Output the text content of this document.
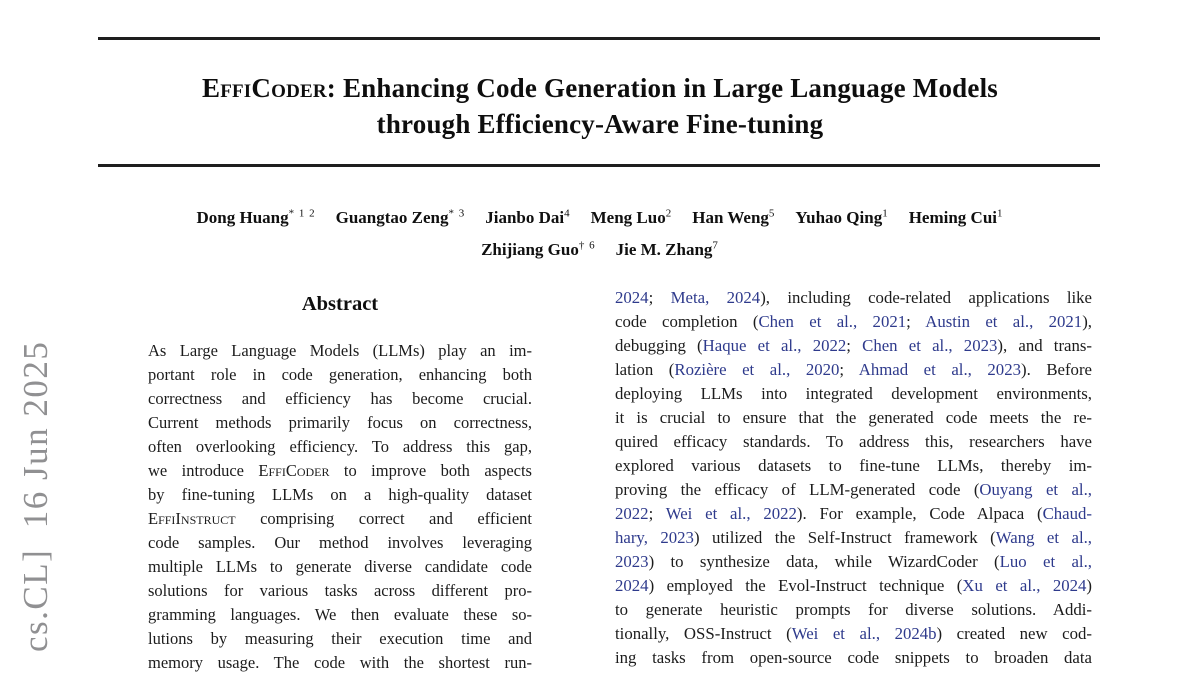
cs.CL]  16 Jun 2025
EffiCoder: Enhancing Code Generation in Large Language Models
through Efficiency-Aware Fine-tuning
Dong Huang$^{* 1 2}$ Guangtao Zeng$^{* 3}$ Jianbo Dai$^4$ Meng Luo$^2$ Han Weng$^5$ Yuhao Qing$^1$ Heming Cui$^1$
Zhijiang Guo$^{\dagger 6}$ Jie M. Zhang$^7$
Abstract
As Large Language Models (LLMs) play an im-
portant role in code generation, enhancing both
correctness and efficiency has become crucial.
Current methods primarily focus on correctness,
often overlooking efficiency. To address this gap,
we introduce EffiCoder to improve both aspects
by fine-tuning LLMs on a high-quality dataset
EffiInstruct comprising correct and efficient
code samples. Our method involves leveraging
multiple LLMs to generate diverse candidate code
solutions for various tasks across different pro-
gramming languages. We then evaluate these so-
lutions by measuring their execution time and
memory usage. The code with the shortest run-
2024; Meta, 2024), including code-related applications like
code completion (Chen et al., 2021; Austin et al., 2021),
debugging (Haque et al., 2022; Chen et al., 2023), and trans-
lation (Rozière et al., 2020; Ahmad et al., 2023). Before
deploying LLMs into integrated development environments,
it is crucial to ensure that the generated code meets the re-
quired efficacy standards. To address this, researchers have
explored various datasets to fine-tune LLMs, thereby im-
proving the efficacy of LLM-generated code (Ouyang et al.,
2022; Wei et al., 2022). For example, Code Alpaca (Chaud-
hary, 2023) utilized the Self-Instruct framework (Wang et al.,
2023) to synthesize data, while WizardCoder (Luo et al.,
2024) employed the Evol-Instruct technique (Xu et al., 2024)
to generate heuristic prompts for diverse solutions. Addi-
tionally, OSS-Instruct (Wei et al., 2024b) created new cod-
ing tasks from open-source code snippets to broaden data
